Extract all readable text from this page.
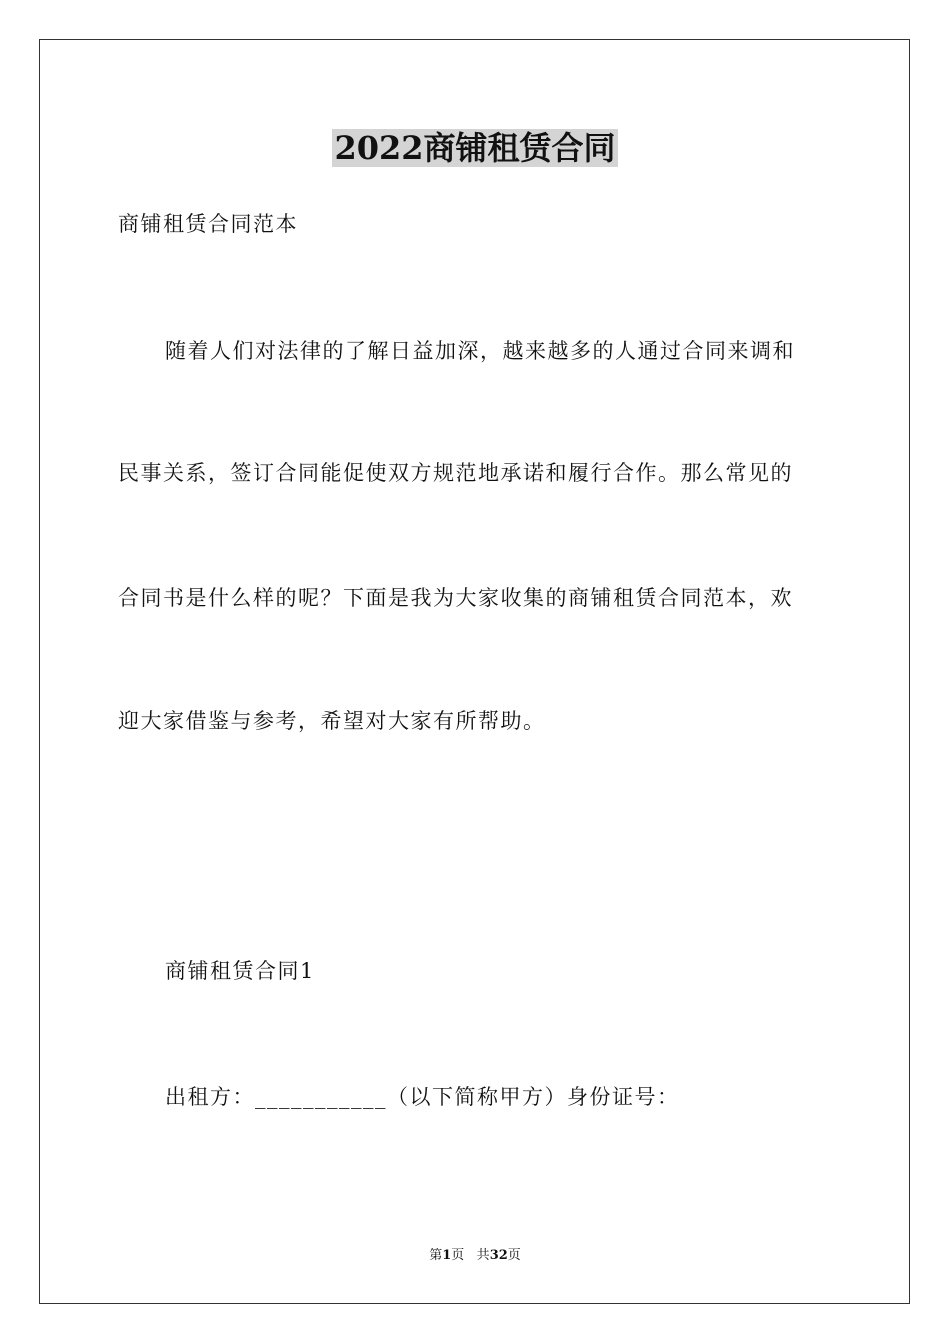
2022商铺租赁合同
商铺租赁合同范本
随着人们对法律的了解日益加深，越来越多的人通过合同来调和
民事关系，签订合同能促使双方规范地承诺和履行合作。那么常见的
合同书是什么样的呢？下面是我为大家收集的商铺租赁合同范本，欢
迎大家借鉴与参考，希望对大家有所帮助。
商铺租赁合同1
出租方：___________（以下简称甲方）身份证号：
第1页 共32页
